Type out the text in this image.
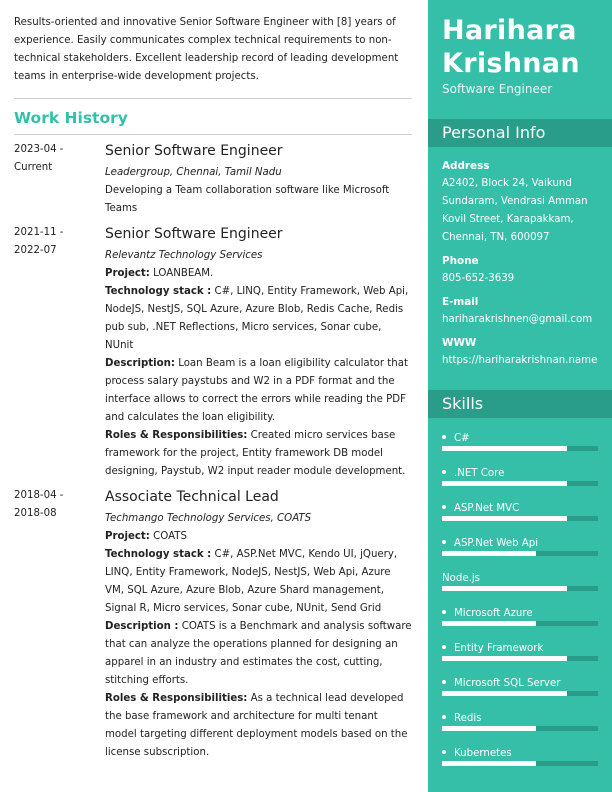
Results-oriented and innovative Senior Software Engineer with [8] years of experience. Easily communicates complex technical requirements to non-technical stakeholders. Excellent leadership record of leading development teams in enterprise-wide development projects.

Work History
2023-04 -
Current
Senior Software Engineer
Leadergroup, Chennai, Tamil Nadu
Developing a Team collaboration software like Microsoft Teams
2021-11 -
2022-07
Senior Software Engineer
Relevantz Technology Services
Project: LOANBEAM.
Technology stack : C#, LINQ, Entity Framework, Web Api, NodeJS, NestJS, SQL Azure, Azure Blob, Redis Cache, Redis pub sub, .NET Reflections, Micro services, Sonar cube, NUnit
Description: Loan Beam is a loan eligibility calculator that process salary paystubs and W2 in a PDF format and the interface allows to correct the errors while reading the PDF and calculates the loan eligibility.
Roles & Responsibilities: Created micro services base framework for the project, Entity framework DB model designing, Paystub, W2 input reader module development.
2018-04 -
2018-08
Associate Technical Lead
Techmango Technology Services, COATS
Project: COATS
Technology stack : C#, ASP.Net MVC, Kendo UI, jQuery, LINQ, Entity Framework, NodeJS, NestJS, Web Api, Azure VM, SQL Azure, Azure Blob, Azure Shard management, Signal R, Micro services, Sonar cube, NUnit, Send Grid
Description : COATS is a Benchmark and analysis software that can analyze the operations planned for designing an apparel in an industry and estimates the cost, cutting, stitching efforts.
Roles & Responsibilities: As a technical lead developed the base framework and architecture for multi tenant model targeting different deployment models based on the license subscription.
Harihara
Krishnan
Software Engineer
Personal Info
Address
A2402, Block 24, Vaikund Sundaram, Vendrasi Amman Kovil Street, Karapakkam, Chennai, TN, 600097
Phone
805-652-3639
E-mail
hariharakrishnen@gmail.com
WWW
https://hariharakrishnan.name
Skills
C#
.NET Core
ASP.Net MVC
ASP.Net Web Api
Node.js
Microsoft Azure
Entity Framework
Microsoft SQL Server
Redis
Kubernetes
